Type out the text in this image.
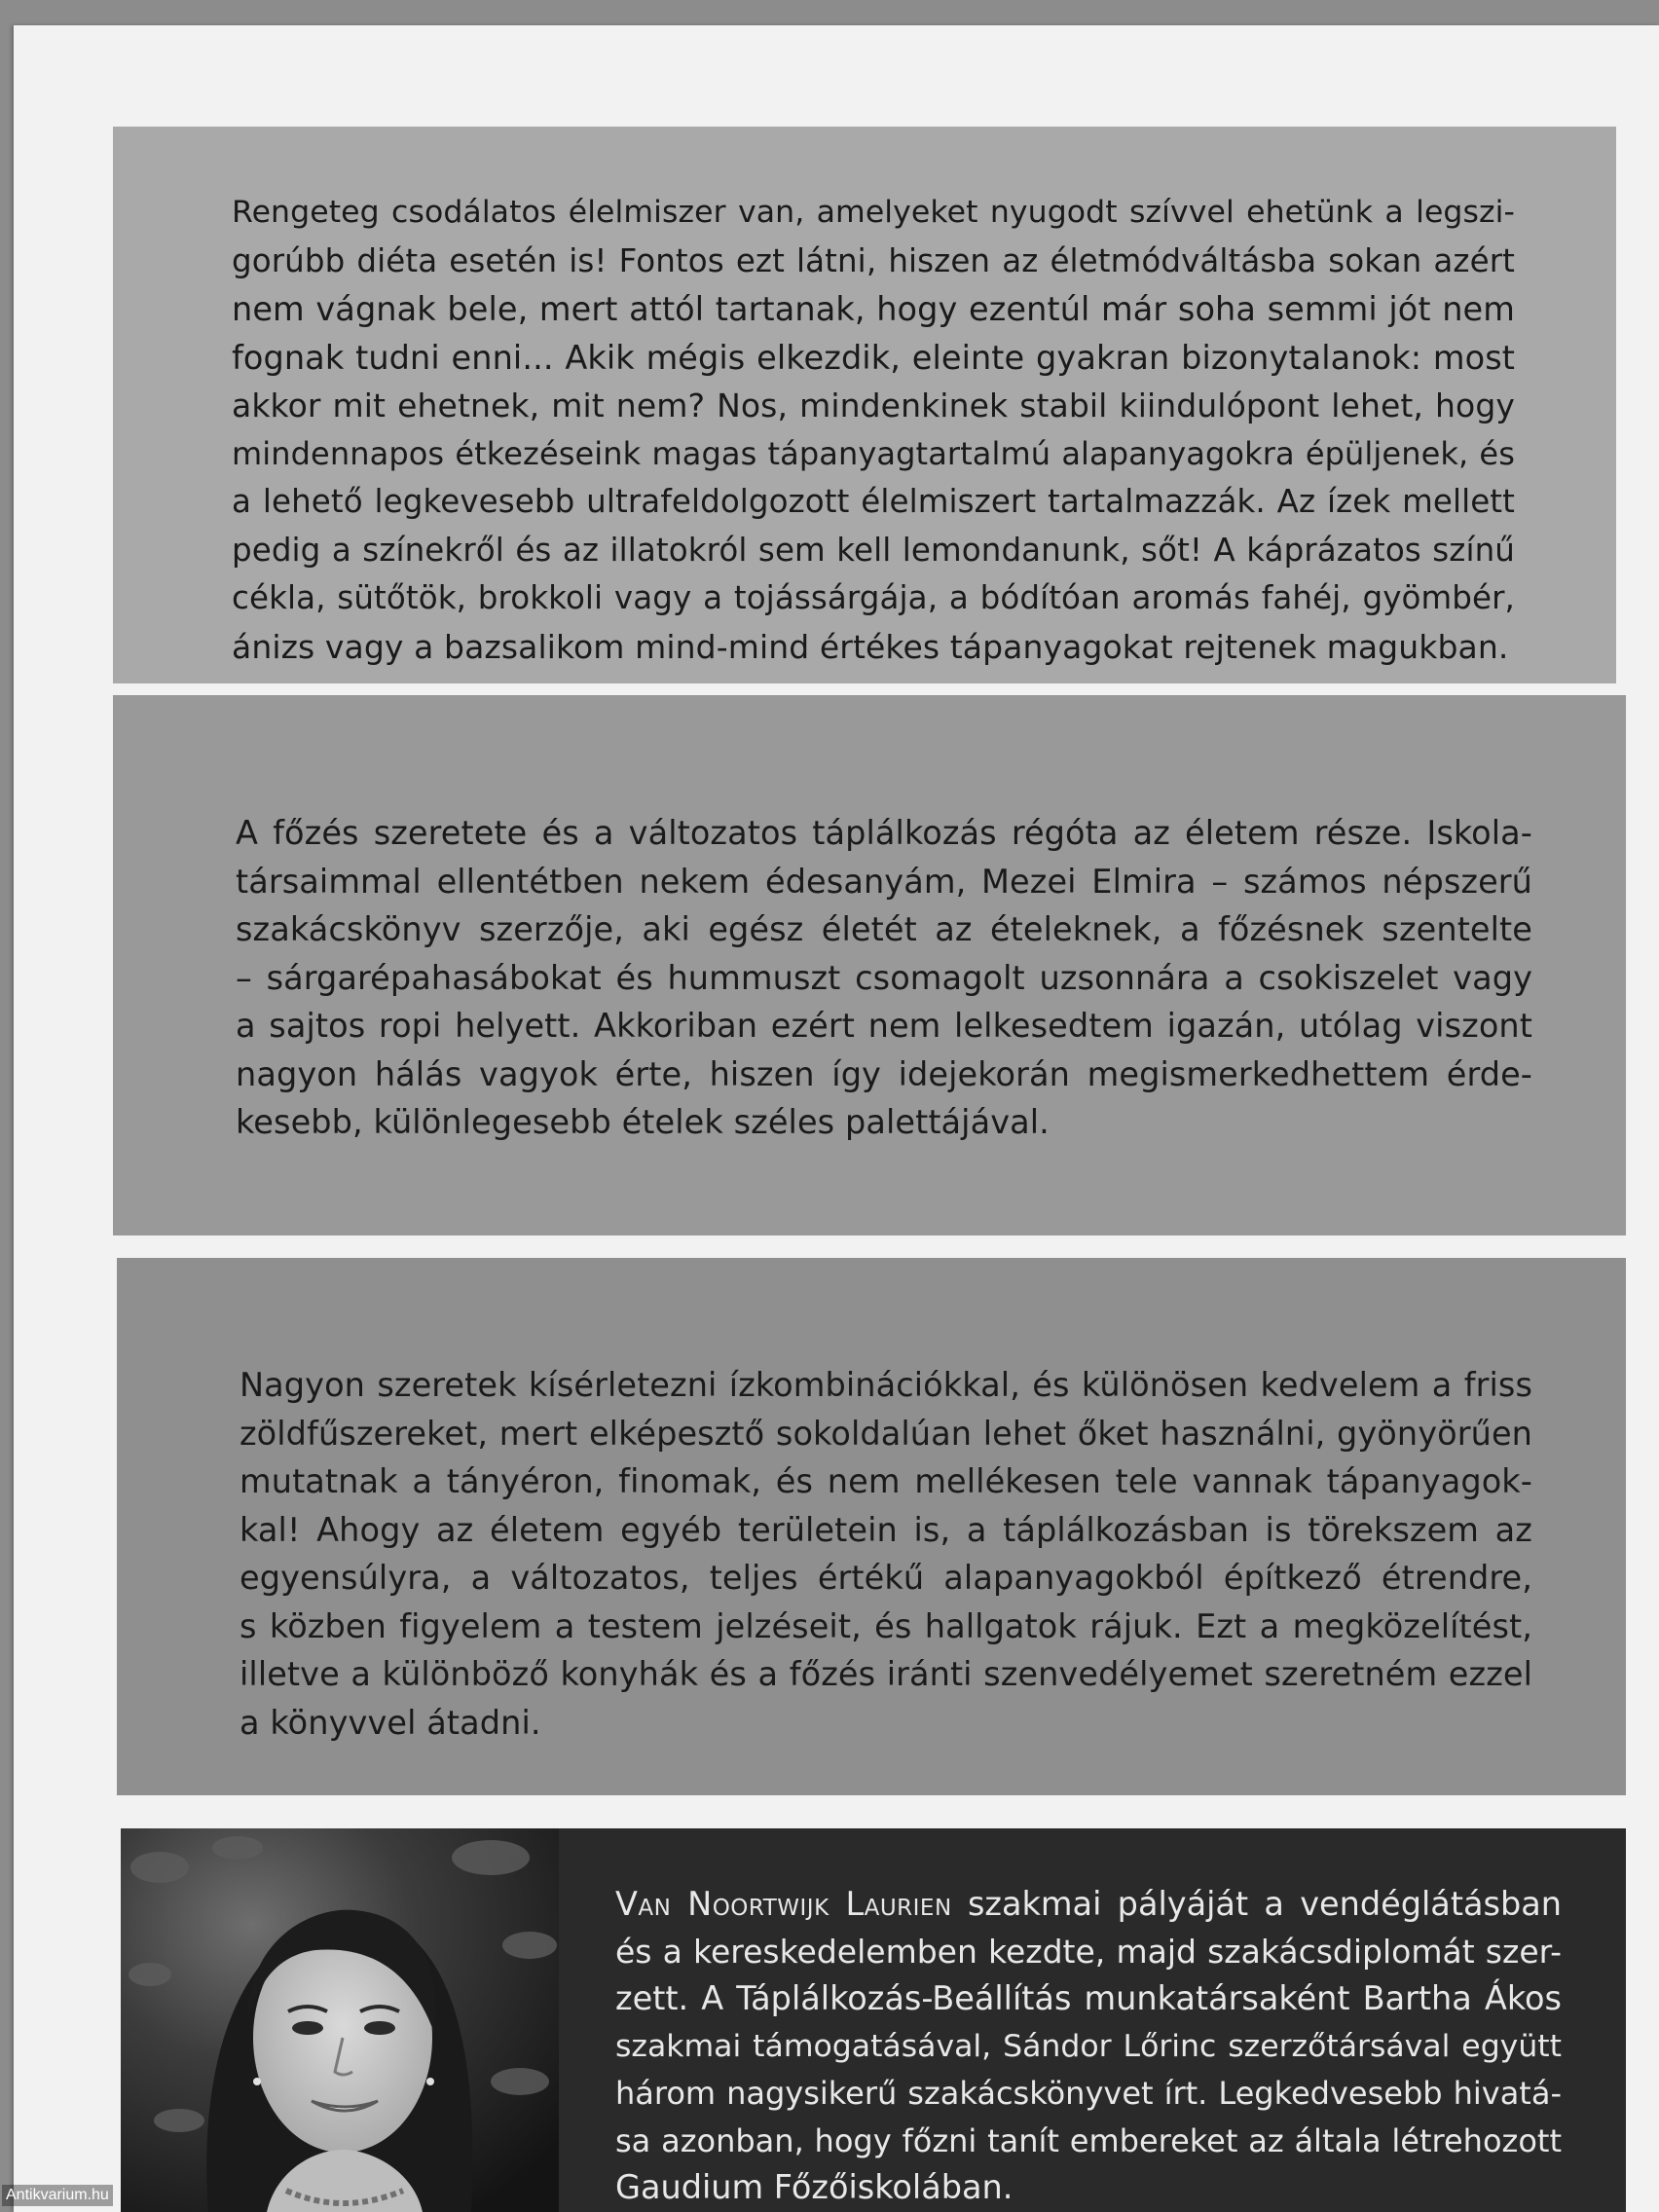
Rengeteg csodálatos élelmiszer van, amelyeket nyugodt szívvel ehetünk a legszi-
gorúbb diéta esetén is! Fontos ezt látni, hiszen az életmódváltásba sokan azért
nem vágnak bele, mert attól tartanak, hogy ezentúl már soha semmi jót nem
fognak tudni enni... Akik mégis elkezdik, eleinte gyakran bizonytalanok: most
akkor mit ehetnek, mit nem? Nos, mindenkinek stabil kiindulópont lehet, hogy
mindennapos étkezéseink magas tápanyagtartalmú alapanyagokra épüljenek, és
a lehető legkevesebb ultrafeldolgozott élelmiszert tartalmazzák. Az ízek mellett
pedig a színekről és az illatokról sem kell lemondanunk, sőt! A káprázatos színű
cékla, sütőtök, brokkoli vagy a tojássárgája, a bódítóan aromás fahéj, gyömbér,
ánizs vagy a bazsalikom mind-mind értékes tápanyagokat rejtenek magukban.

A főzés szeretete és a változatos táplálkozás régóta az életem része. Iskola-
társaimmal ellentétben nekem édesanyám, Mezei Elmira – számos népszerű
szakácskönyv szerzője, aki egész életét az ételeknek, a főzésnek szentelte
– sárgarépahasábokat és hummuszt csomagolt uzsonnára a csokiszelet vagy
a sajtos ropi helyett. Akkoriban ezért nem lelkesedtem igazán, utólag viszont
nagyon hálás vagyok érte, hiszen így idejekorán megismerkedhettem érde-
kesebb, különlegesebb ételek széles palettájával.

Nagyon szeretek kísérletezni ízkombinációkkal, és különösen kedvelem a friss
zöldfűszereket, mert elképesztő sokoldalúan lehet őket használni, gyönyörűen
mutatnak a tányéron, finomak, és nem mellékesen tele vannak tápanyagok-
kal! Ahogy az életem egyéb területein is, a táplálkozásban is törekszem az
egyensúlyra, a változatos, teljes értékű alapanyagokból építkező étrendre,
s közben figyelem a testem jelzéseit, és hallgatok rájuk. Ezt a megközelítést,
illetve a különböző konyhák és a főzés iránti szenvedélyemet szeretném ezzel
a könyvvel átadni.

Van Noortwijk Laurien szakmai pályáját a vendéglátásban
és a kereskedelemben kezdte, majd szakácsdiplomát szer-
zett. A Táplálkozás-Beállítás munkatársaként Bartha Ákos
szakmai támogatásával, Sándor Lőrinc szerzőtársával együtt
három nagysikerű szakácskönyvet írt. Legkedvesebb hivatá-
sa azonban, hogy főzni tanít embereket az általa létrehozott
Gaudium Főzőiskolában.
Antikvarium.hu
